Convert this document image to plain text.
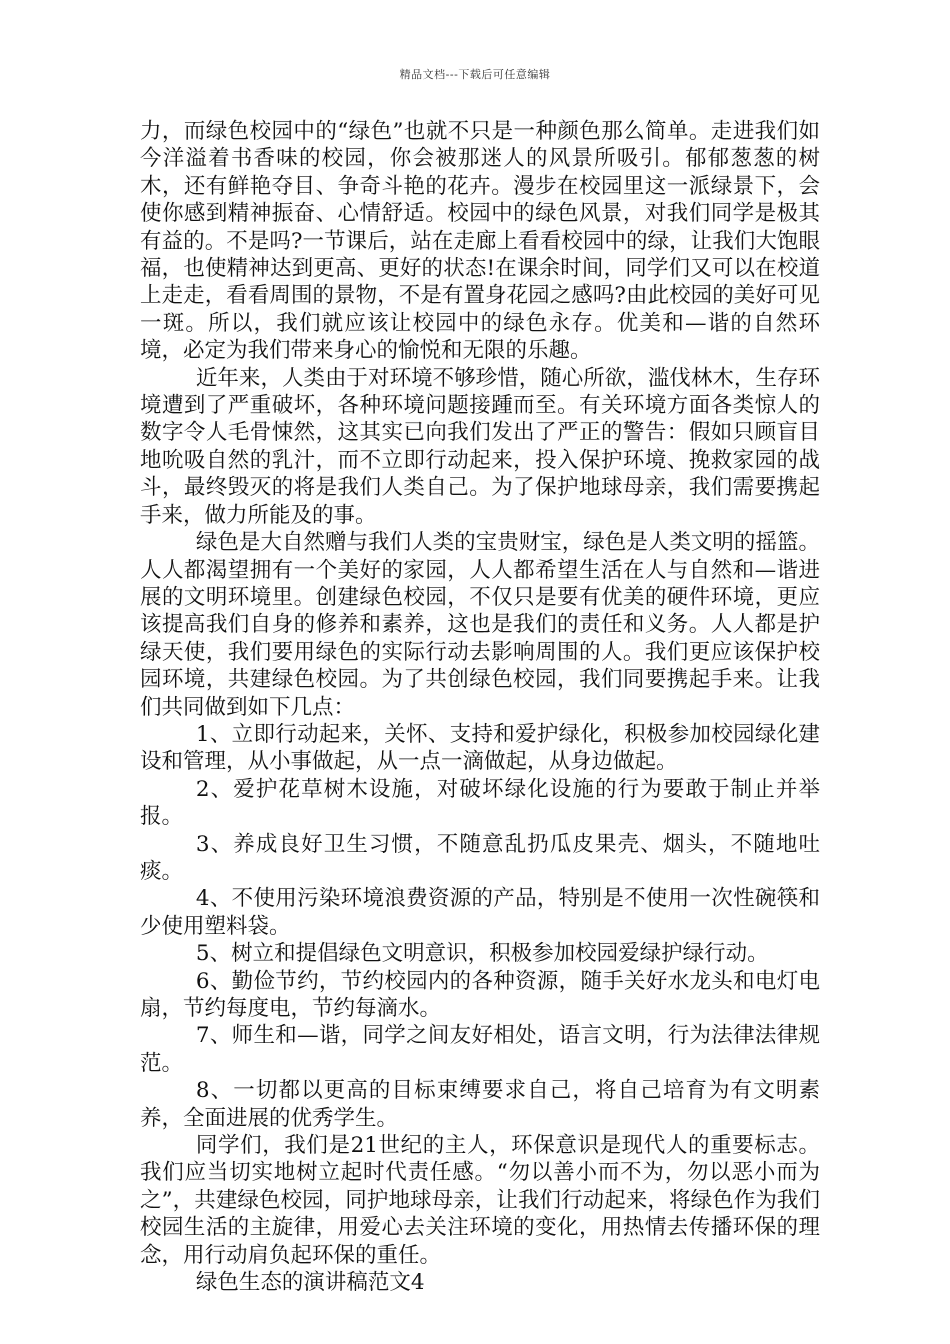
精品文档---下载后可任意编辑

力，而绿色校园中的“绿色”也就不只是一种颜色那么简单。走进我们如今洋溢着书香味的校园，你会被那迷人的风景所吸引。郁郁葱葱的树木，还有鲜艳夺目、争奇斗艳的花卉。漫步在校园里这一派绿景下，会使你感到精神振奋、心情舒适。校园中的绿色风景，对我们同学是极其有益的。不是吗?一节课后，站在走廊上看看校园中的绿，让我们大饱眼福，也使精神达到更高、更好的状态!在课余时间，同学们又可以在校道上走走，看看周围的景物，不是有置身花园之感吗?由此校园的美好可见一斑。所以，我们就应该让校园中的绿色永存。优美和—谐的自然环境，必定为我们带来身心的愉悦和无限的乐趣。

近年来，人类由于对环境不够珍惜，随心所欲，滥伐林木，生存环境遭到了严重破坏，各种环境问题接踵而至。有关环境方面各类惊人的数字令人毛骨悚然，这其实已向我们发出了严正的警告：假如只顾盲目地吮吸自然的乳汁，而不立即行动起来，投入保护环境、挽救家园的战斗，最终毁灭的将是我们人类自己。为了保护地球母亲，我们需要携起手来，做力所能及的事。

绿色是大自然赠与我们人类的宝贵财宝，绿色是人类文明的摇篮。人人都渴望拥有一个美好的家园，人人都希望生活在人与自然和—谐进展的文明环境里。创建绿色校园，不仅只是要有优美的硬件环境，更应该提高我们自身的修养和素养，这也是我们的责任和义务。人人都是护绿天使，我们要用绿色的实际行动去影响周围的人。我们更应该保护校园环境，共建绿色校园。为了共创绿色校园，我们同要携起手来。让我们共同做到如下几点：

1、立即行动起来，关怀、支持和爱护绿化，积极参加校园绿化建设和管理，从小事做起，从一点一滴做起，从身边做起。

2、爱护花草树木设施，对破坏绿化设施的行为要敢于制止并举报。

3、养成良好卫生习惯，不随意乱扔瓜皮果壳、烟头，不随地吐痰。

4、不使用污染环境浪费资源的产品，特别是不使用一次性碗筷和少使用塑料袋。

5、树立和提倡绿色文明意识，积极参加校园爱绿护绿行动。

6、勤俭节约，节约校园内的各种资源，随手关好水龙头和电灯电扇，节约每度电，节约每滴水。

7、师生和—谐，同学之间友好相处，语言文明，行为法律法律规范。

8、一切都以更高的目标束缚要求自己，将自己培育为有文明素养，全面进展的优秀学生。

同学们，我们是21世纪的主人，环保意识是现代人的重要标志。我们应当切实地树立起时代责任感。“勿以善小而不为，勿以恶小而为之”，共建绿色校园，同护地球母亲，让我们行动起来，将绿色作为我们校园生活的主旋律，用爱心去关注环境的变化，用热情去传播环保的理念，用行动肩负起环保的重任。

绿色生态的演讲稿范文4
